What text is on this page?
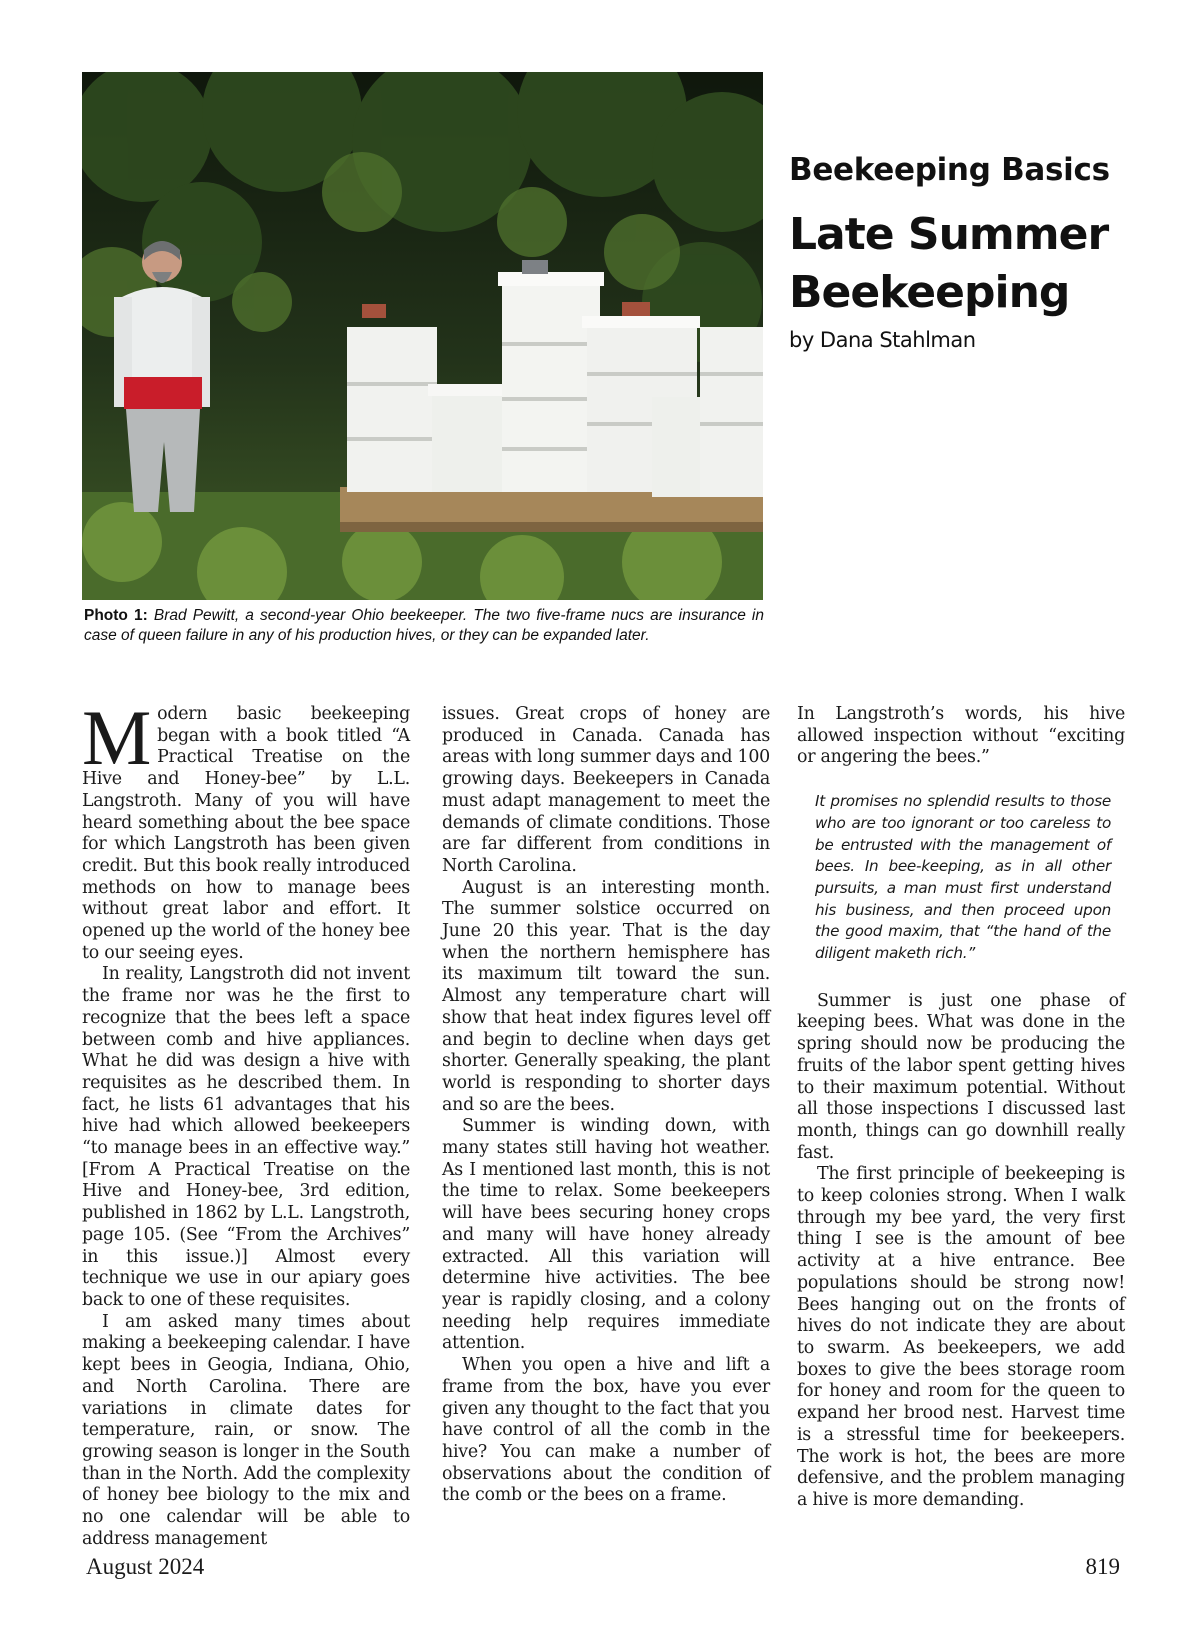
Photo 1: Brad Pewitt, a second-year Ohio beekeeper. The two five-frame nucs are insurance in case of queen failure in any of his production hives, or they can be expanded later.
Beekeeping Basics
Late Summer
Beekeeping
by Dana Stahlman

Modern basic beekeeping began with a book titled “A Practical Treatise on the Hive and Honey-bee” by L.L. Langstroth. Many of you will have heard something about the bee space for which Langstroth has been given credit. But this book really introduced methods on how to manage bees without great labor and effort. It opened up the world of the honey bee to our seeing eyes.

In reality, Langstroth did not invent the frame nor was he the first to recognize that the bees left a space between comb and hive appliances. What he did was design a hive with requisites as he described them. In fact, he lists 61 advantages that his hive had which allowed beekeepers “to manage bees in an effective way.” [From A Practical Treatise on the Hive and Honey-bee, 3rd edition, published in 1862 by L.L. Langstroth, page 105. (See “From the Archives” in this issue.)] Almost every technique we use in our apiary goes back to one of these requisites.

I am asked many times about making a beekeeping calendar. I have kept bees in Geogia, Indiana, Ohio, and North Carolina. There are variations in climate dates for temperature, rain, or snow. The growing season is longer in the South than in the North. Add the complexity of honey bee biology to the mix and no one calendar will be able to address management

issues. Great crops of honey are produced in Canada. Canada has areas with long summer days and 100 growing days. Beekeepers in Canada must adapt management to meet the demands of climate conditions. Those are far different from conditions in North Carolina.

August is an interesting month. The summer solstice occurred on June 20 this year. That is the day when the northern hemisphere has its maximum tilt toward the sun. Almost any temperature chart will show that heat index figures level off and begin to decline when days get shorter. Generally speaking, the plant world is responding to shorter days and so are the bees.

Summer is winding down, with many states still having hot weather. As I mentioned last month, this is not the time to relax. Some beekeepers will have bees securing honey crops and many will have honey already extracted. All this variation will determine hive activities. The bee year is rapidly closing, and a colony needing help requires immediate attention.

When you open a hive and lift a frame from the box, have you ever given any thought to the fact that you have control of all the comb in the hive? You can make a number of observations about the condition of the comb or the bees on a frame.

In Langstroth’s words, his hive allowed inspection without “exciting or angering the bees.”

It promises no splendid results to those who are too ignorant or too careless to be entrusted with the management of bees. In bee-keeping, as in all other pursuits, a man must first understand his business, and then proceed upon the good maxim, that “the hand of the diligent maketh rich.”

Summer is just one phase of keeping bees. What was done in the spring should now be producing the fruits of the labor spent getting hives to their maximum potential. Without all those inspections I discussed last month, things can go downhill really fast.

The first principle of beekeeping is to keep colonies strong. When I walk through my bee yard, the very first thing I see is the amount of bee activity at a hive entrance. Bee populations should be strong now! Bees hanging out on the fronts of hives do not indicate they are about to swarm. As beekeepers, we add boxes to give the bees storage room for honey and room for the queen to expand her brood nest. Harvest time is a stressful time for beekeepers. The work is hot, the bees are more defensive, and the problem managing a hive is more demanding.

August 2024	819
